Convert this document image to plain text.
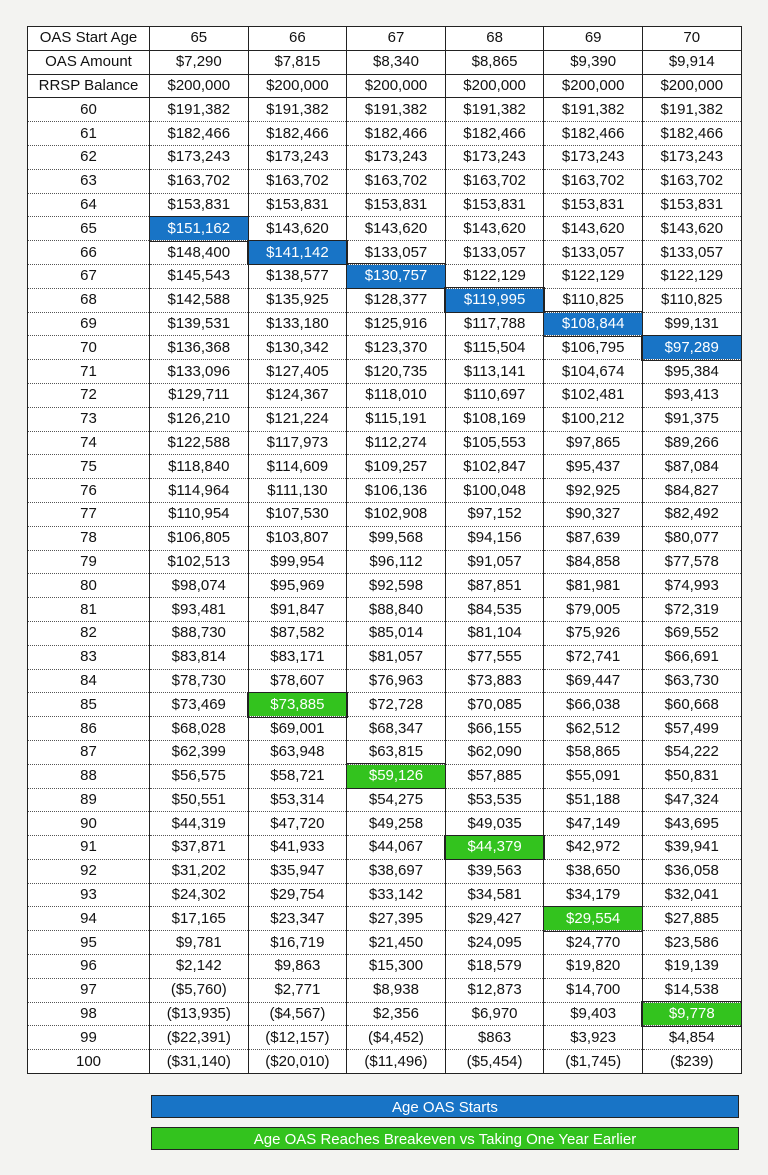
OAS Start Age	65	66	67	68	69	70
OAS Amount	$7,290	$7,815	$8,340	$8,865	$9,390	$9,914
RRSP Balance	$200,000	$200,000	$200,000	$200,000	$200,000	$200,000
60	$191,382	$191,382	$191,382	$191,382	$191,382	$191,382
61	$182,466	$182,466	$182,466	$182,466	$182,466	$182,466
62	$173,243	$173,243	$173,243	$173,243	$173,243	$173,243
63	$163,702	$163,702	$163,702	$163,702	$163,702	$163,702
64	$153,831	$153,831	$153,831	$153,831	$153,831	$153,831
65	$151,162	$143,620	$143,620	$143,620	$143,620	$143,620
66	$148,400	$141,142	$133,057	$133,057	$133,057	$133,057
67	$145,543	$138,577	$130,757	$122,129	$122,129	$122,129
68	$142,588	$135,925	$128,377	$119,995	$110,825	$110,825
69	$139,531	$133,180	$125,916	$117,788	$108,844	$99,131
70	$136,368	$130,342	$123,370	$115,504	$106,795	$97,289
71	$133,096	$127,405	$120,735	$113,141	$104,674	$95,384
72	$129,711	$124,367	$118,010	$110,697	$102,481	$93,413
73	$126,210	$121,224	$115,191	$108,169	$100,212	$91,375
74	$122,588	$117,973	$112,274	$105,553	$97,865	$89,266
75	$118,840	$114,609	$109,257	$102,847	$95,437	$87,084
76	$114,964	$111,130	$106,136	$100,048	$92,925	$84,827
77	$110,954	$107,530	$102,908	$97,152	$90,327	$82,492
78	$106,805	$103,807	$99,568	$94,156	$87,639	$80,077
79	$102,513	$99,954	$96,112	$91,057	$84,858	$77,578
80	$98,074	$95,969	$92,598	$87,851	$81,981	$74,993
81	$93,481	$91,847	$88,840	$84,535	$79,005	$72,319
82	$88,730	$87,582	$85,014	$81,104	$75,926	$69,552
83	$83,814	$83,171	$81,057	$77,555	$72,741	$66,691
84	$78,730	$78,607	$76,963	$73,883	$69,447	$63,730
85	$73,469	$73,885	$72,728	$70,085	$66,038	$60,668
86	$68,028	$69,001	$68,347	$66,155	$62,512	$57,499
87	$62,399	$63,948	$63,815	$62,090	$58,865	$54,222
88	$56,575	$58,721	$59,126	$57,885	$55,091	$50,831
89	$50,551	$53,314	$54,275	$53,535	$51,188	$47,324
90	$44,319	$47,720	$49,258	$49,035	$47,149	$43,695
91	$37,871	$41,933	$44,067	$44,379	$42,972	$39,941
92	$31,202	$35,947	$38,697	$39,563	$38,650	$36,058
93	$24,302	$29,754	$33,142	$34,581	$34,179	$32,041
94	$17,165	$23,347	$27,395	$29,427	$29,554	$27,885
95	$9,781	$16,719	$21,450	$24,095	$24,770	$23,586
96	$2,142	$9,863	$15,300	$18,579	$19,820	$19,139
97	($5,760)	$2,771	$8,938	$12,873	$14,700	$14,538
98	($13,935)	($4,567)	$2,356	$6,970	$9,403	$9,778
99	($22,391)	($12,157)	($4,452)	$863	$3,923	$4,854
100	($31,140)	($20,010)	($11,496)	($5,454)	($1,745)	($239)
Age OAS Starts
Age OAS Reaches Breakeven vs Taking One Year Earlier
